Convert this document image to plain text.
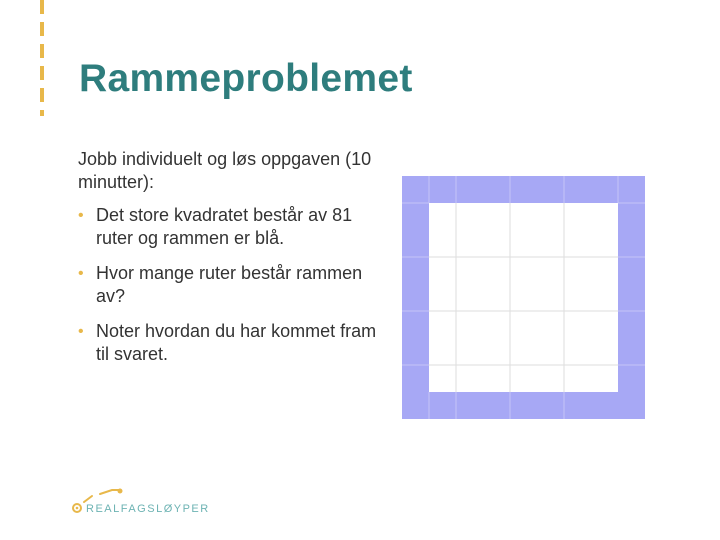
Rammeproblemet
Jobb individuelt og løs oppgaven (10 minutter):
• Det store kvadratet består av 81 ruter og rammen er blå.
• Hvor mange ruter består rammen av?
• Noter hvordan du har kommet fram til svaret.
REALFAGSLØYPER
